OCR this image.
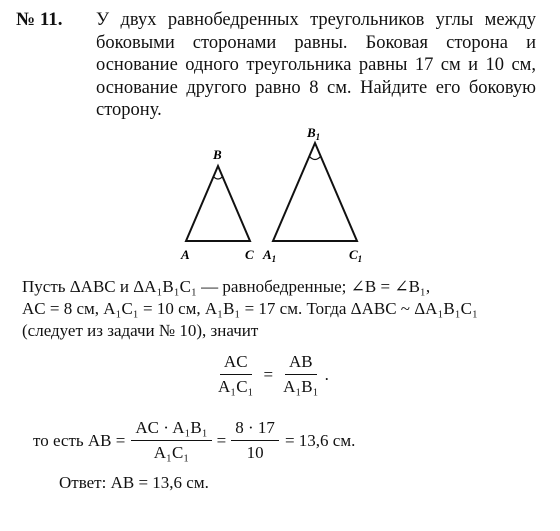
№ 11. У двух равнобедренных треугольников углы между боковыми сторонами равны. Боковая сторона и основание одного треугольника равны 17 см и 10 см, основание другого равно 8 см. Найдите его боковую сторону.
B
A	C
$B_1$
$A_1$	$C_1$
Пусть ΔABC и ΔA₁B₁C₁ — равнобедренные; ∠B = ∠B₁,
AC = 8 см, A₁C₁ = 10 см, A₁B₁ = 17 см. Тогда ΔABC ~ ΔA₁B₁C₁
(следует из задачи № 10), значит
$\frac{AC}{\text{A₁C₁}} = \frac{AB}{\text{A₁B₁}}$ .
то есть AB = $\frac{\text{AC · A₁B₁}}{\text{A₁C₁}} = \frac{8 \cdot 17}{10} = 13,6$ см.
Ответ: AB = 13,6 см.
